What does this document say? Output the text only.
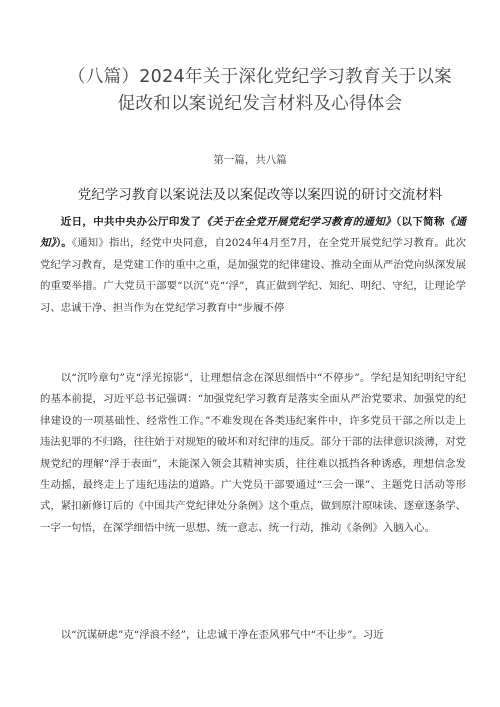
（八篇）2024年关于深化党纪学习教育关于以案促改和以案说纪发言材料及心得体会

第一篇，共八篇

党纪学习教育以案说法及以案促改等以案四说的研讨交流材料

近日，中共中央办公厅印发了《关于在全党开展党纪学习教育的通知》（以下简称《通知》）。《通知》指出，经党中央同意，自2024年4月至7月，在全党开展党纪学习教育。此次党纪学习教育，是党建工作的重中之重，是加强党的纪律建设、推动全面从严治党向纵深发展的重要举措。广大党员干部要“以沉”克“‘浮”，真正做到学纪、知纪、明纪、守纪，让理论学习、忠诚干净、担当作为在党纪学习教育中“步履不停

以“沉吟章句”克“浮光掠影”，让理想信念在深思细悟中“不停步”。学纪是知纪明纪守纪的基本前提，习近平总书记强调：“加强党纪学习教育是落实全面从严治党要求、加强党的纪律建设的一项基础性、经常性工作。”不难发现在各类违纪案件中，许多党员干部之所以走上违法犯罪的不归路，往往始于对规矩的破坏和对纪律的违反。部分干部的法律意识淡薄，对党规党纪的理解“浮于表面”，未能深入领会其精神实质，往往难以抵挡各种诱惑，理想信念发生动摇，最终走上了违纪违法的道路。广大党员干部要通过“三会一课”、主题党日活动等形式，紧扣新修订后的《中国共产党纪律处分条例》这个重点，做到原汁原味读、逐章逐条学、一字一句悟，在深学细悟中统一思想、统一意志、统一行动，推动《条例》入脑入心。

以“沉谋研虑”克“浮浪不经”，让忠诚干净在歪风邪气中“不让步”。习近
